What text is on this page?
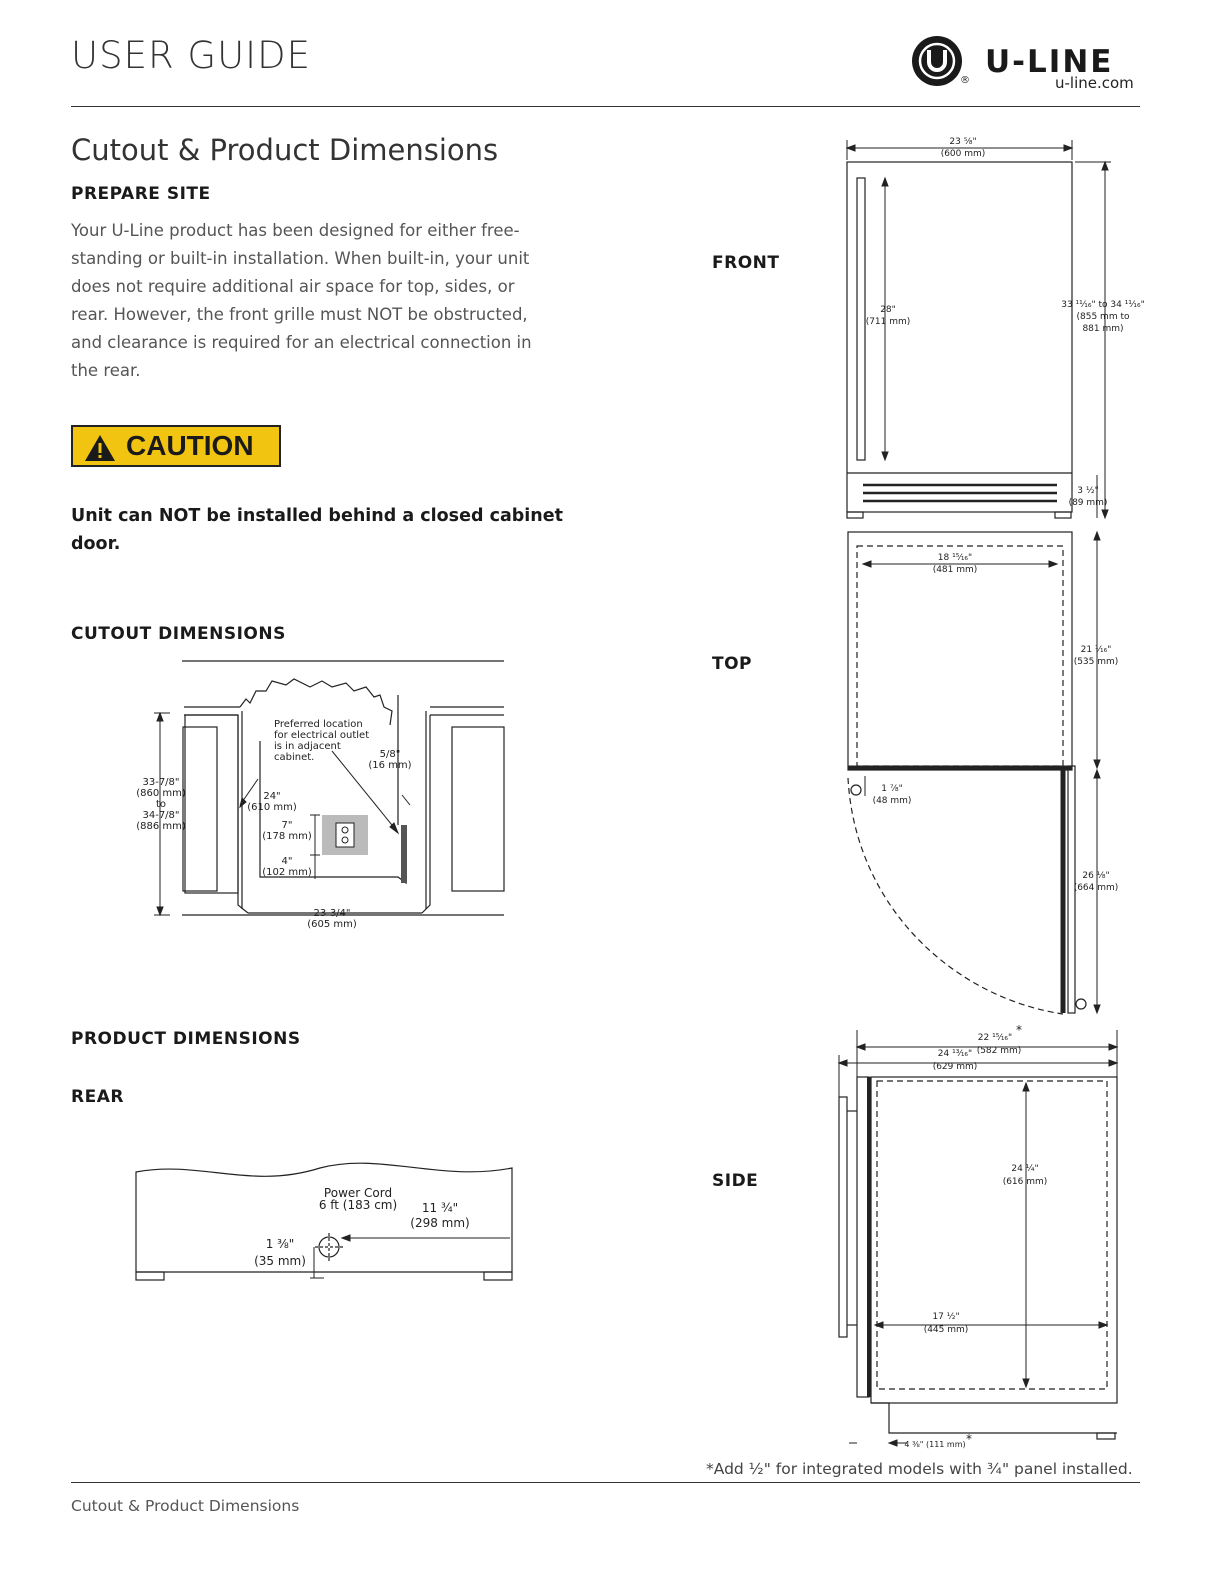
USER GUIDE
®
U-LINE
u-line.com
Cutout & Product Dimensions
PREPARE SITE
Your U-Line product has been designed for either free-standing or built-in installation. When built-in, your unit does not require additional air space for top, sides, or rear. However, the front grille must NOT be obstructed, and clearance is required for an electrical connection in the rear.
CAUTION
Unit can NOT be installed behind a closed cabinet door.
CUTOUT DIMENSIONS
33-7/8" (860 mm) to 34-7/8" (886 mm)
24" (610 mm)
7" (178 mm)
4" (102 mm)
5/8" (16 mm)
23-3/4" (605 mm)
Preferred location for electrical outlet is in adjacent cabinet.
PRODUCT DIMENSIONS
REAR
Power Cord 6 ft (183 cm)	11 ¾" (298 mm)
1 ⅜" (35 mm)
FRONT
TOP
SIDE
23 ⅝" (600 mm)
28" (711 mm)
33 ¹¹⁄₁₆" to 34 ¹¹⁄₁₆" (855 mm to 881 mm)
3 ½" (89 mm)
18 ¹⁵⁄₁₆" (481 mm)
21 ¹⁄₁₆" (535 mm)
1 ⅞" (48 mm)
26 ⅛" (664 mm)
22 ¹⁵⁄₁₆" (582 mm)
*
24 ¹³⁄₁₆" (629 mm)
24 ¼" (616 mm)
17 ½" (445 mm)
4 ⅜" (111 mm) *
*Add ½" for integrated models with ¾" panel installed.
Cutout & Product Dimensions
